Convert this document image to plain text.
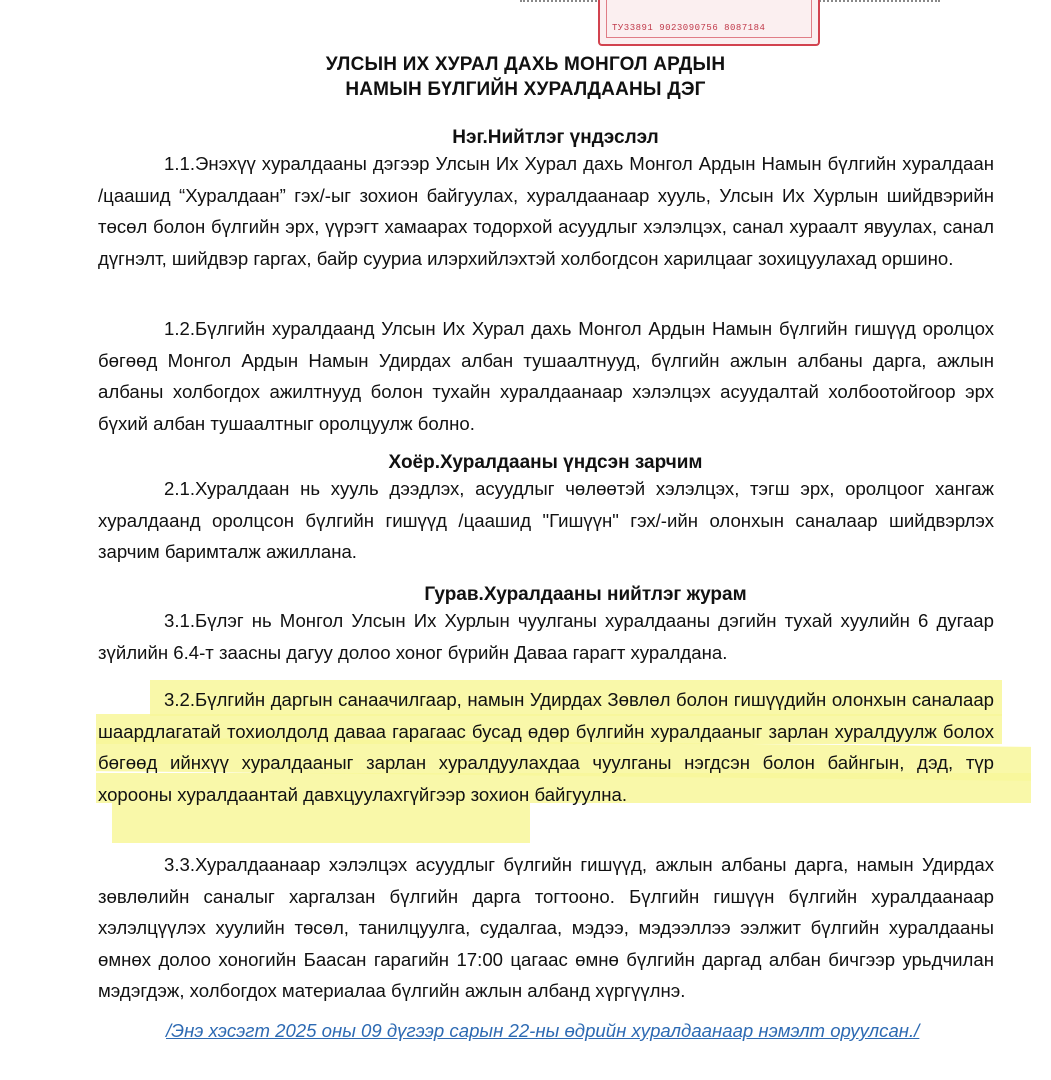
ТУ33891 9023090756 8087184
УЛСЫН ИХ ХУРАЛ ДАХЬ МОНГОЛ АРДЫН
НАМЫН БҮЛГИЙН ХУРАЛДААНЫ ДЭГ
Нэг.Нийтлэг үндэслэл

1.1.Энэхүү хуралдааны дэгээр Улсын Их Хурал дахь Монгол Ардын Намын бүлгийн хуралдаан /цаашид “Хуралдаан” гэх/-ыг зохион байгуулах, хуралдаанаар хууль, Улсын Их Хурлын шийдвэрийн төсөл болон бүлгийн эрх, үүрэгт хамаарах тодорхой асуудлыг хэлэлцэх, санал хураалт явуулах, санал дүгнэлт, шийдвэр гаргах, байр сууриа илэрхийлэхтэй холбогдсон харилцааг зохицуулахад оршино.

1.2.Бүлгийн хуралдаанд Улсын Их Хурал дахь Монгол Ардын Намын бүлгийн гишүүд оролцох бөгөөд Монгол Ардын Намын Удирдах албан тушаалтнууд, бүлгийн ажлын албаны дарга, ажлын албаны холбогдох ажилтнууд болон тухайн хуралдаанаар хэлэлцэх асуудалтай холбоотойгоор эрх бүхий албан тушаалтныг оролцуулж болно.

Хоёр.Хуралдааны үндсэн зарчим

2.1.Хуралдаан нь хууль дээдлэх, асуудлыг чөлөөтэй хэлэлцэх, тэгш эрх, оролцоог хангаж хуралдаанд оролцсон бүлгийн гишүүд /цаашид "Гишүүн" гэх/-ийн олонхын саналаар шийдвэрлэх зарчим баримталж ажиллана.

Гурав.Хуралдааны нийтлэг журам

3.1.Бүлэг нь Монгол Улсын Их Хурлын чуулганы хуралдааны дэгийн тухай хуулийн 6 дугаар зүйлийн 6.4-т заасны дагуу долоо хоног бүрийн Даваа гарагт хуралдана.

3.2.Бүлгийн даргын санаачилгаар, намын Удирдах Зөвлөл болон гишүүдийн олонхын саналаар шаардлагатай тохиолдолд даваа гарагаас бусад өдөр бүлгийн хуралдааныг зарлан хуралдуулж болох бөгөөд ийнхүү хуралдааныг зарлан хуралдуулахдаа чуулганы нэгдсэн болон байнгын, дэд, түр хорооны хуралдаантай давхцуулахгүйгээр зохион байгуулна.

3.3.Хуралдаанаар хэлэлцэх асуудлыг бүлгийн гишүүд, ажлын албаны дарга, намын Удирдах зөвлөлийн саналыг харгалзан бүлгийн дарга тогтооно. Бүлгийн гишүүн бүлгийн хуралдаанаар хэлэлцүүлэх хуулийн төсөл, танилцуулга, судалгаа, мэдээ, мэдээллээ ээлжит бүлгийн хуралдааны өмнөх долоо хоногийн Баасан гарагийн 17:00 цагаас өмнө бүлгийн даргад албан бичгээр урьдчилан мэдэгдэж, холбогдох материалаа бүлгийн ажлын албанд хүргүүлнэ.

/Энэ хэсэгт 2025 оны 09 дүгээр сарын 22-ны өдрийн хуралдаанаар нэмэлт оруулсан./
